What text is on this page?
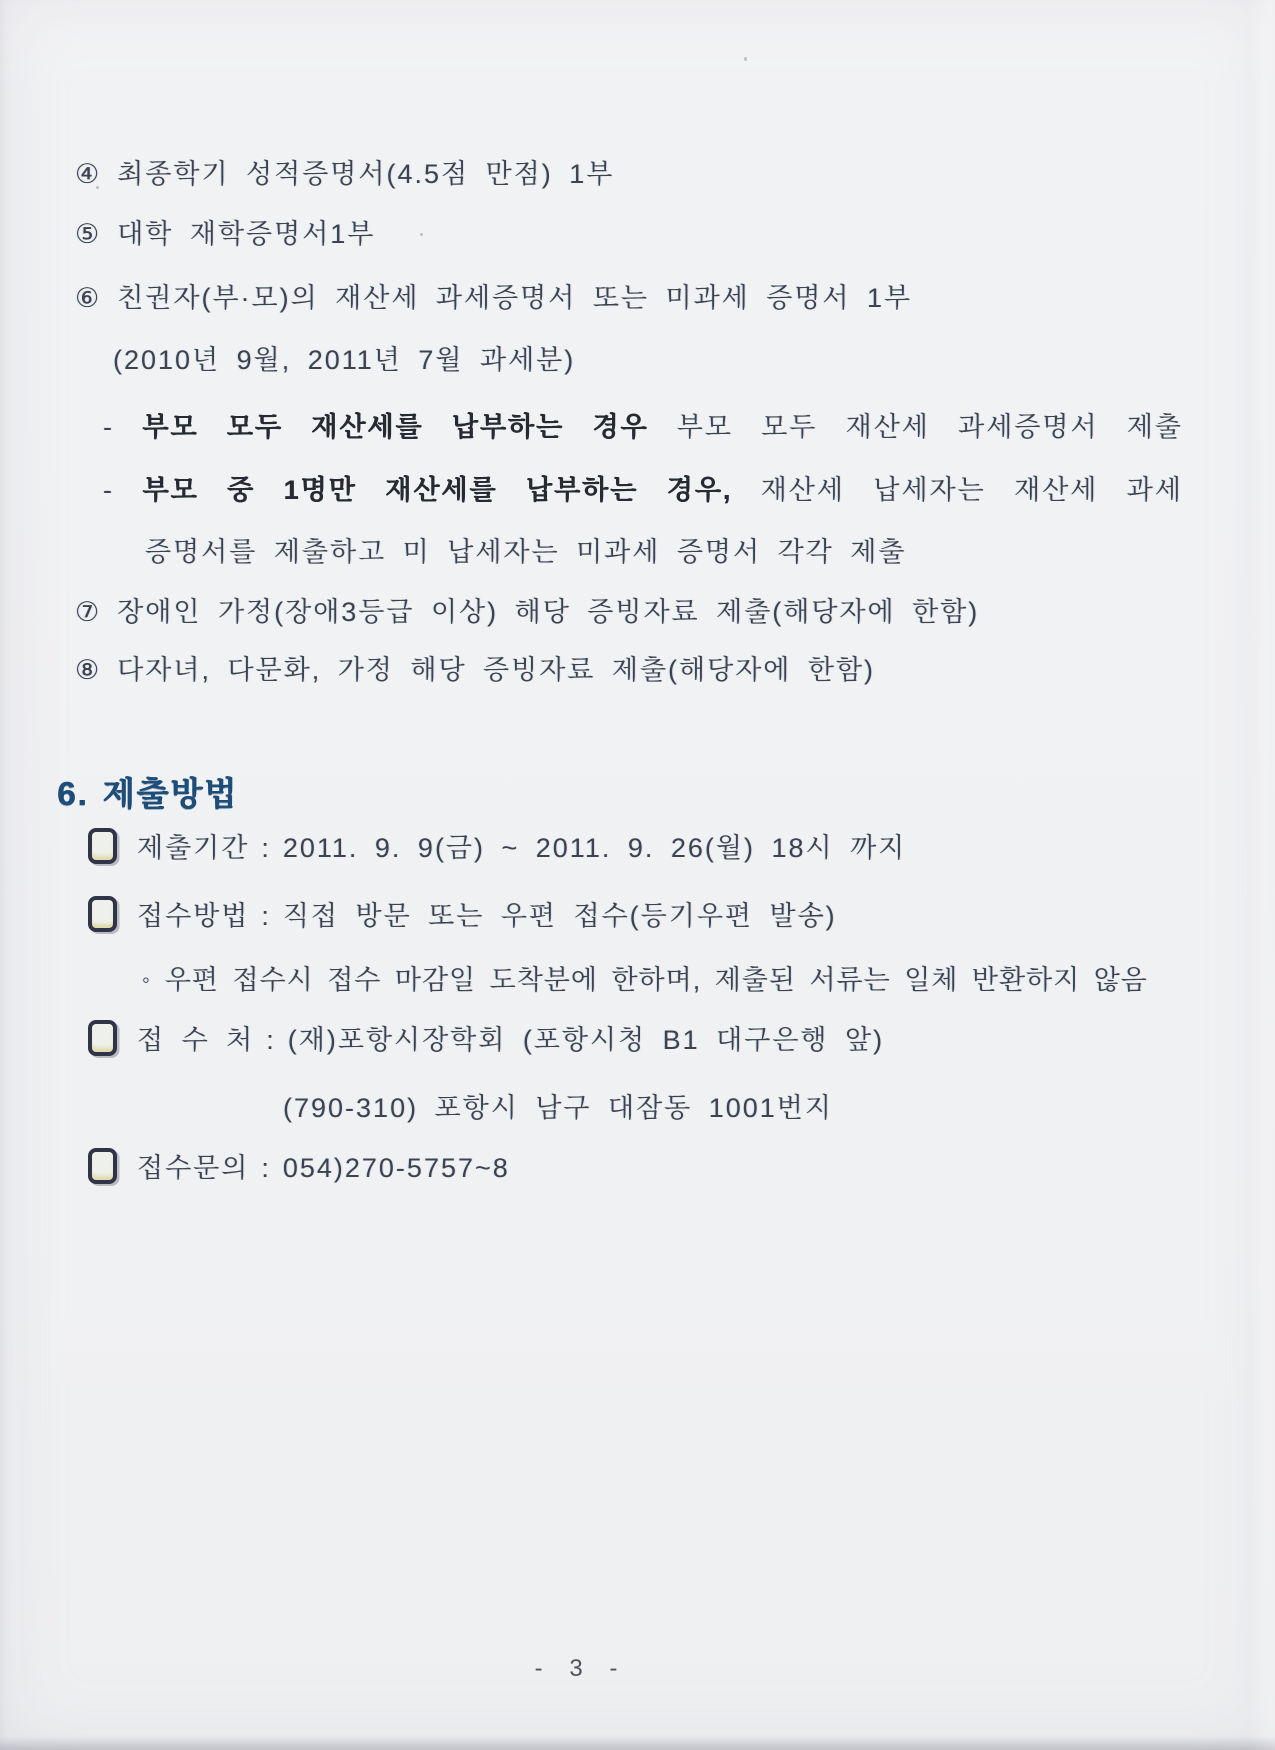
④ 최종학기 성적증명서(4.5점 만점) 1부
⑤ 대학 재학증명서1부
⑥ 친권자(부·모)의 재산세 과세증명서 또는 미과세 증명서 1부
(2010년 9월, 2011년 7월 과세분)
- 부모 모두 재산세를 납부하는 경우 부모 모두 재산세 과세증명서 제출
- 부모 중 1명만 재산세를 납부하는 경우, 재산세 납세자는 재산세 과세
증명서를 제출하고 미 납세자는 미과세 증명서 각각 제출
⑦ 장애인 가정(장애3등급 이상) 해당 증빙자료 제출(해당자에 한함)
⑧ 다자녀, 다문화, 가정 해당 증빙자료 제출(해당자에 한함)
6. 제출방법
제출기간 : 2011. 9. 9(금) ~ 2011. 9. 26(월) 18시 까지
접수방법 : 직접 방문 또는 우편 접수(등기우편 발송)
◦ 우편 접수시 접수 마감일 도착분에 한하며, 제출된 서류는 일체 반환하지 않음
접 수 처 : (재)포항시장학회 (포항시청 B1 대구은행 앞)
(790-310) 포항시 남구 대잠동 1001번지
접수문의 : 054)270-5757~8
- 3 -
